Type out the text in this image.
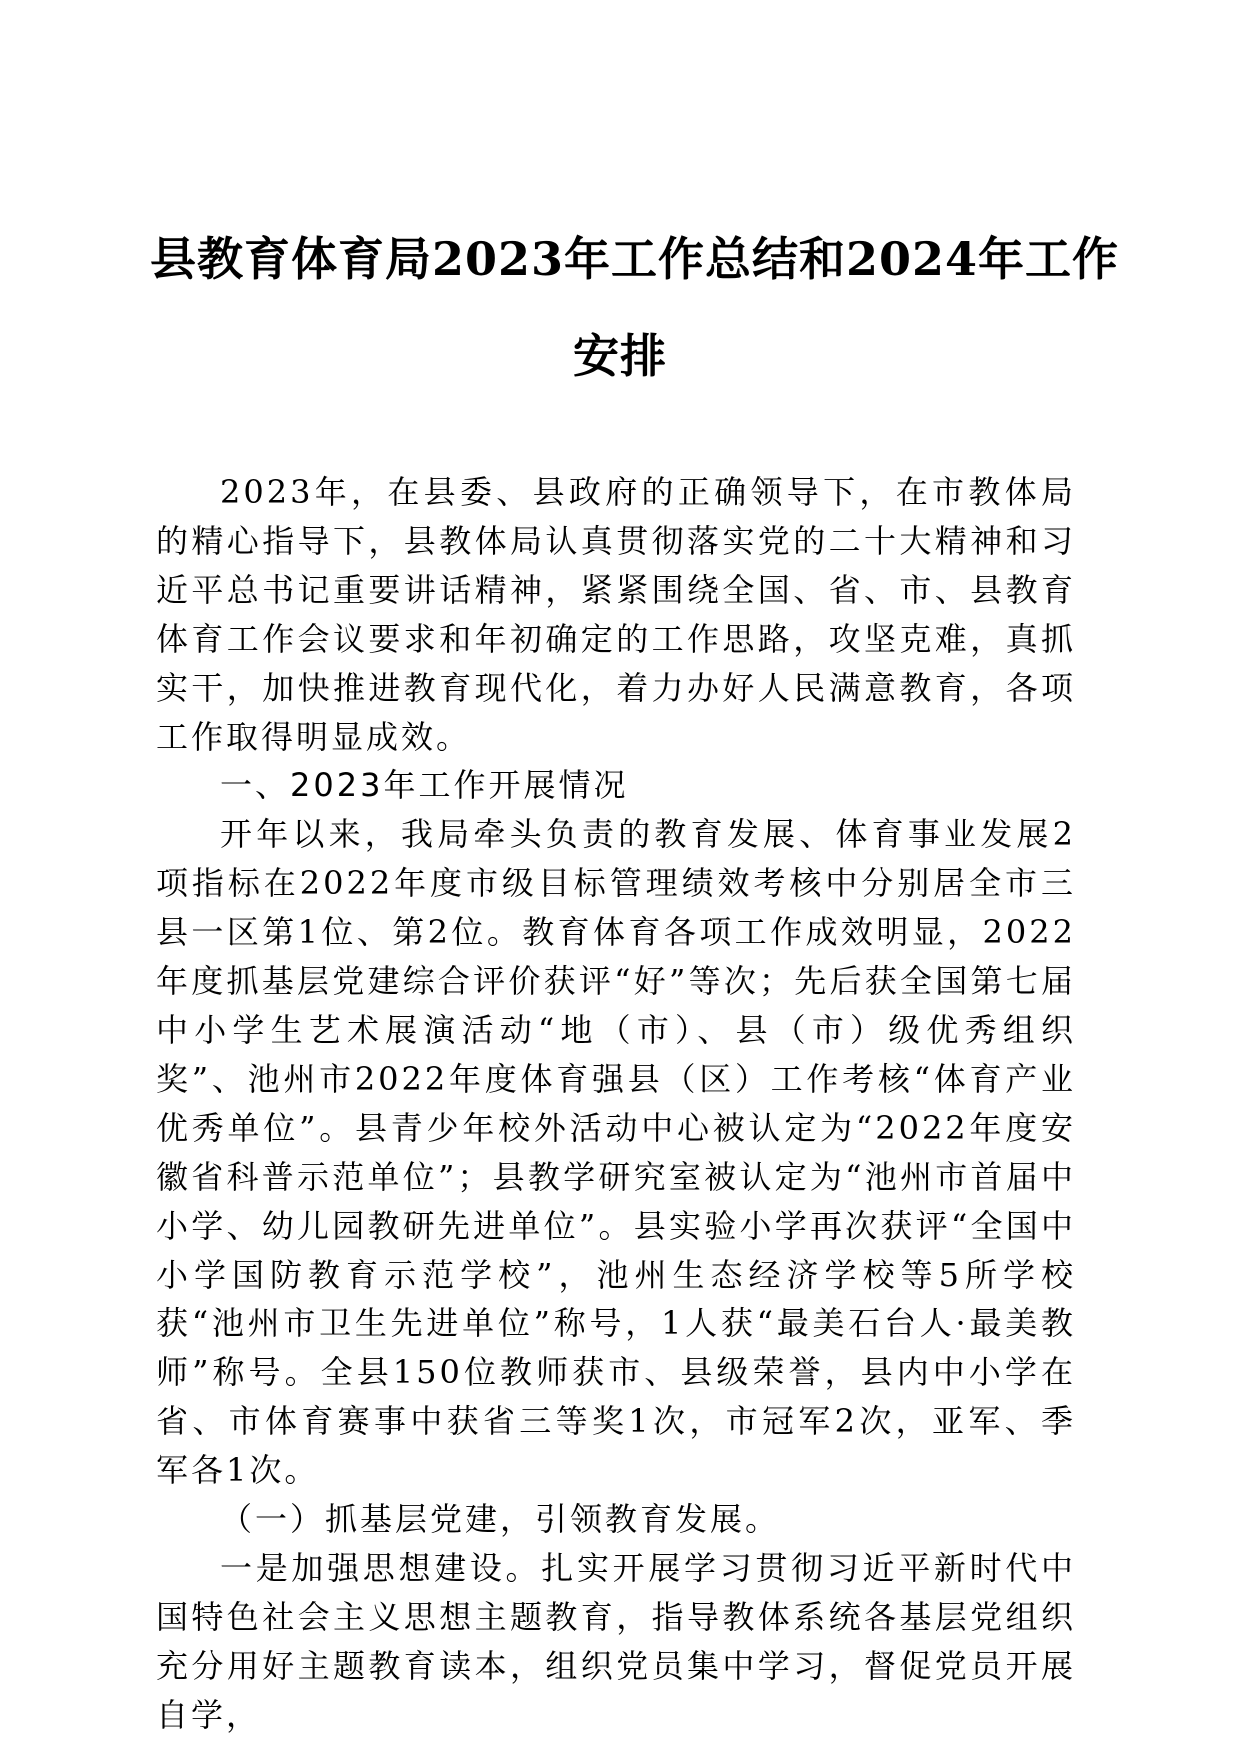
县教育体育局2023年工作总结和2024年工作
安排

2023年，在县委、县政府的正确领导下，在市教体局的精心指导下，县教体局认真贯彻落实党的二十大精神和习近平总书记重要讲话精神，紧紧围绕全国、省、市、县教育体育工作会议要求和年初确定的工作思路，攻坚克难，真抓实干，加快推进教育现代化，着力办好人民满意教育，各项工作取得明显成效。

一、2023年工作开展情况

开年以来，我局牵头负责的教育发展、体育事业发展2项指标在2022年度市级目标管理绩效考核中分别居全市三县一区第1位、第2位。教育体育各项工作成效明显，2022年度抓基层党建综合评价获评“好”等次；先后获全国第七届中小学生艺术展演活动“地（市）、县（市）级优秀组织奖”、池州市2022年度体育强县（区）工作考核“体育产业优秀单位”。县青少年校外活动中心被认定为“2022年度安徽省科普示范单位”；县教学研究室被认定为“池州市首届中小学、幼儿园教研先进单位”。县实验小学再次获评“全国中小学国防教育示范学校”，池州生态经济学校等5所学校获“池州市卫生先进单位”称号，1人获“最美石台人·最美教师”称号。全县150位教师获市、县级荣誉，县内中小学在省、市体育赛事中获省三等奖1次，市冠军2次，亚军、季军各1次。

（一）抓基层党建，引领教育发展。

一是加强思想建设。扎实开展学习贯彻习近平新时代中国特色社会主义思想主题教育，指导教体系统各基层党组织充分用好主题教育读本，组织党员集中学习，督促党员开展自学，
